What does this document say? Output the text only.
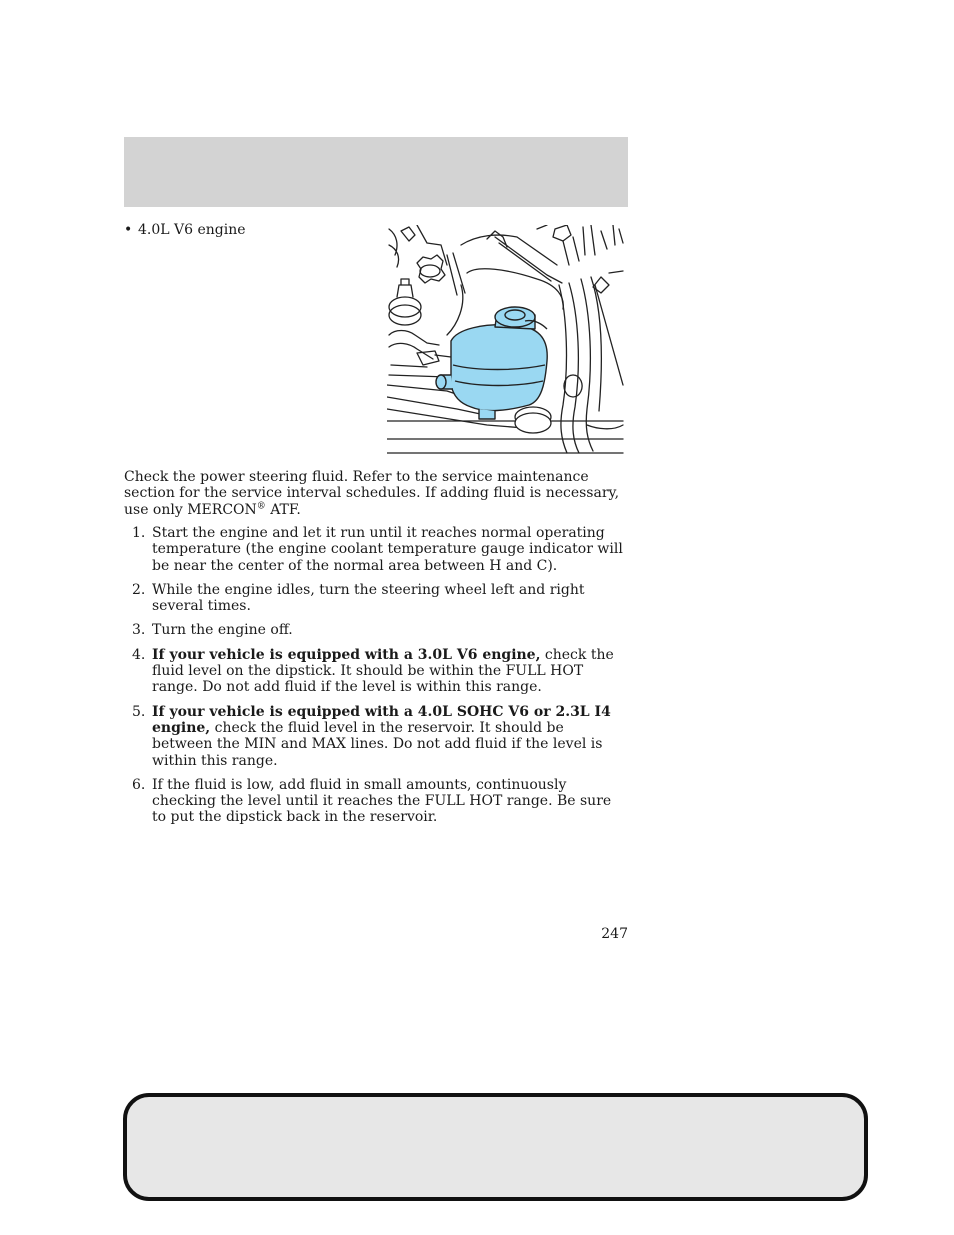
• 4.0L V6 engine
Check the power steering fluid. Refer to the service maintenance section for the service interval schedules. If adding fluid is necessary, use only MERCON® ATF.
1. Start the engine and let it run until it reaches normal operating temperature (the engine coolant temperature gauge indicator will be near the center of the normal area between H and C).
2. While the engine idles, turn the steering wheel left and right several times.
3. Turn the engine off.
4. If your vehicle is equipped with a 3.0L V6 engine, check the fluid level on the dipstick. It should be within the FULL HOT range. Do not add fluid if the level is within this range.
5. If your vehicle is equipped with a 4.0L SOHC V6 or 2.3L I4 engine, check the fluid level in the reservoir. It should be between the MIN and MAX lines. Do not add fluid if the level is within this range.
6. If the fluid is low, add fluid in small amounts, continuously checking the level until it reaches the FULL HOT range. Be sure to put the dipstick back in the reservoir.
247
